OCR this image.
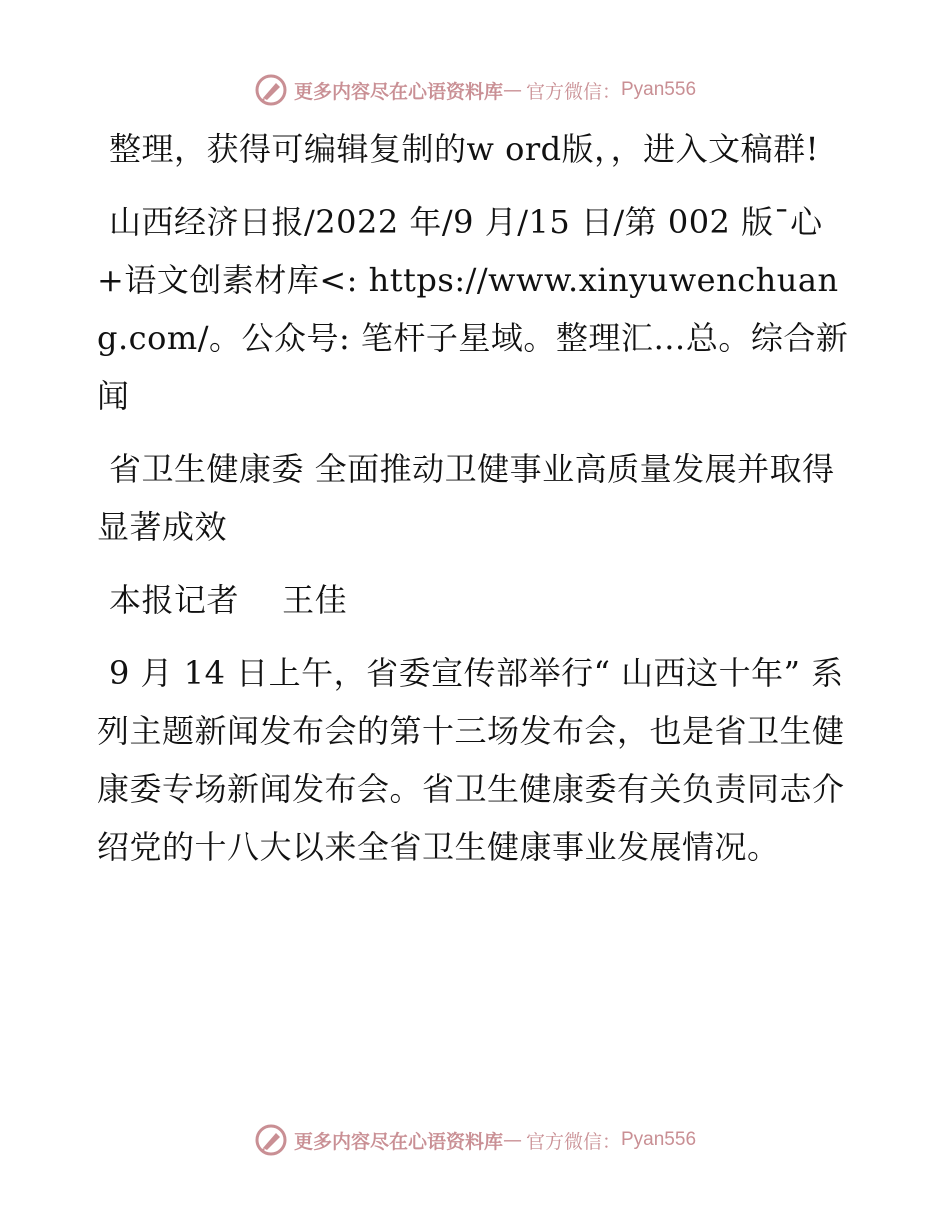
更多内容尽在心语资料库 — 官方微信： Pyan556

整理，获得可编辑复制的w ord版，，进入文稿群!

山西经济日报/2022 年/9 月/15 日/第 002 版¯心+语文创素材库<: https://www.xinyuwenchuang.com/。公众号: 笔杆子星域。整理汇…总。综合新闻

省卫生健康委 全面推动卫健事业高质量发展并取得显著成效

本报记者　 王佳

9 月 14 日上午，省委宣传部举行“ 山西这十年” 系列主题新闻发布会的第十三场发布会，也是省卫生健康委专场新闻发布会。省卫生健康委有关负责同志介绍党的十八大以来全省卫生健康事业发展情况。

更多内容尽在心语资料库 — 官方微信： Pyan556
